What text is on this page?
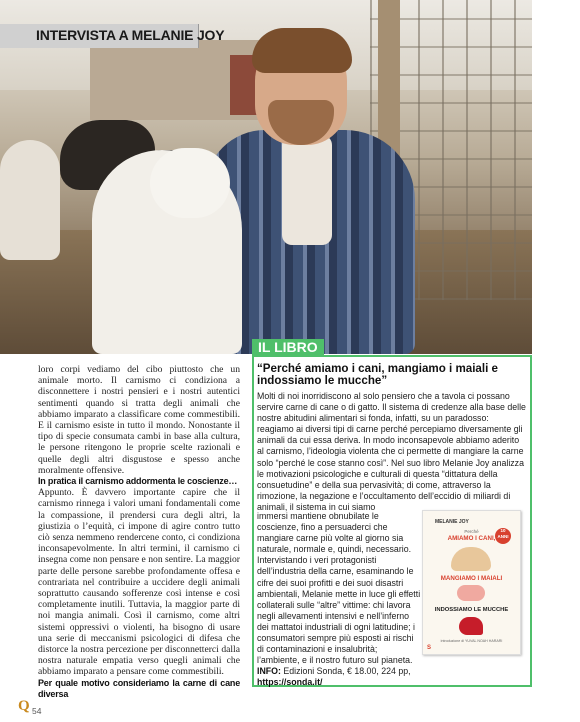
INTERVISTA A MELANIE JOY

loro corpi vediamo del cibo piuttosto che un animale morto. Il carnismo ci condiziona a disconnettere i nostri pensieri e i nostri autentici sentimenti quando si tratta degli animali che abbiamo imparato a classificare come commestibili. E il carnismo esiste in tutto il mondo. Nonostante il tipo di specie consumata cambi in base alla cultura, le persone ritengono le proprie scelte razionali e quelle degli altri disgustose e spesso anche moralmente offensive.

In pratica il carnismo addormenta le coscienze…

Appunto. È davvero importante capire che il carnismo rinnega i valori umani fondamentali come la compassione, il prendersi cura degli altri, la giustizia o l’equità, ci impone di agire contro tutto ciò senza nemmeno rendercene conto, ci condiziona inconsapevolmente. In altri termini, il carnismo ci insegna come non pensare e non sentire. La maggior parte delle persone sarebbe profondamente offesa e contrariata nel contribuire a uccidere degli animali soprattutto causando sofferenze così intense e così completamente inutili. Tuttavia, la maggior parte di noi mangia animali. Così il carnismo, come altri sistemi oppressivi o violenti, ha bisogno di usare una serie di meccanismi psicologici di difesa che distorce la nostra percezione per disconnetterci dalla nostra naturale empatia verso quegli animali che abbiamo imparato a pensare come commestibili.

Per quale motivo consideriamo la carne di cane diversa

IL LIBRO
“Perché amiamo i cani, mangiamo i maiali e indossiamo le mucche”

Molti di noi inorridiscono al solo pensiero che a tavola ci possano servire carne di cane o di gatto. Il sistema di credenze alla base delle nostre abitudini alimentari si fonda, infatti, su un paradosso: reagiamo ai diversi tipi di carne perché percepiamo diversamente gli animali da cui essa deriva. In modo inconsapevole abbiamo aderito al carnismo, l’ideologia violenta che ci permette di mangiare la carne solo “perché le cose stanno così”. Nel suo libro Melanie Joy analizza le motivazioni psicologiche e culturali di questa “dittatura della consuetudine” e della sua pervasività; di come, attraverso la rimozione, la negazione e l’occultamento dell’eccidio di miliardi di animali, il sistema in cui siamo

immersi mantiene obnubilate le coscienze, fino a persuaderci che mangiare carne più volte al giorno sia naturale, normale e, quindi, necessario. Intervistando i veri protagonisti dell’industria della carne, esaminando le cifre dei suoi profitti e dei suoi disastri ambientali, Melanie mette in luce gli effetti collaterali sulle “altre” vittime: chi lavora negli allevamenti intensivi e nell’inferno dei mattatoi industriali di ogni latitudine; i consumatori sempre più esposti ai rischi di contaminazioni e insalubrità; l’ambiente, e il nostro futuro sul pianeta. INFO: Edizioni Sonda, € 18.00, 224 pp, https://sonda.it/

MELANIE JOY
Perché
AMIAMO I CANI,
10
ANNI
MANGIAMO I MAIALI
INDOSSIAMO LE MUCCHE
introduzione di YUVAL NOAH HARARI
S
Q 54
